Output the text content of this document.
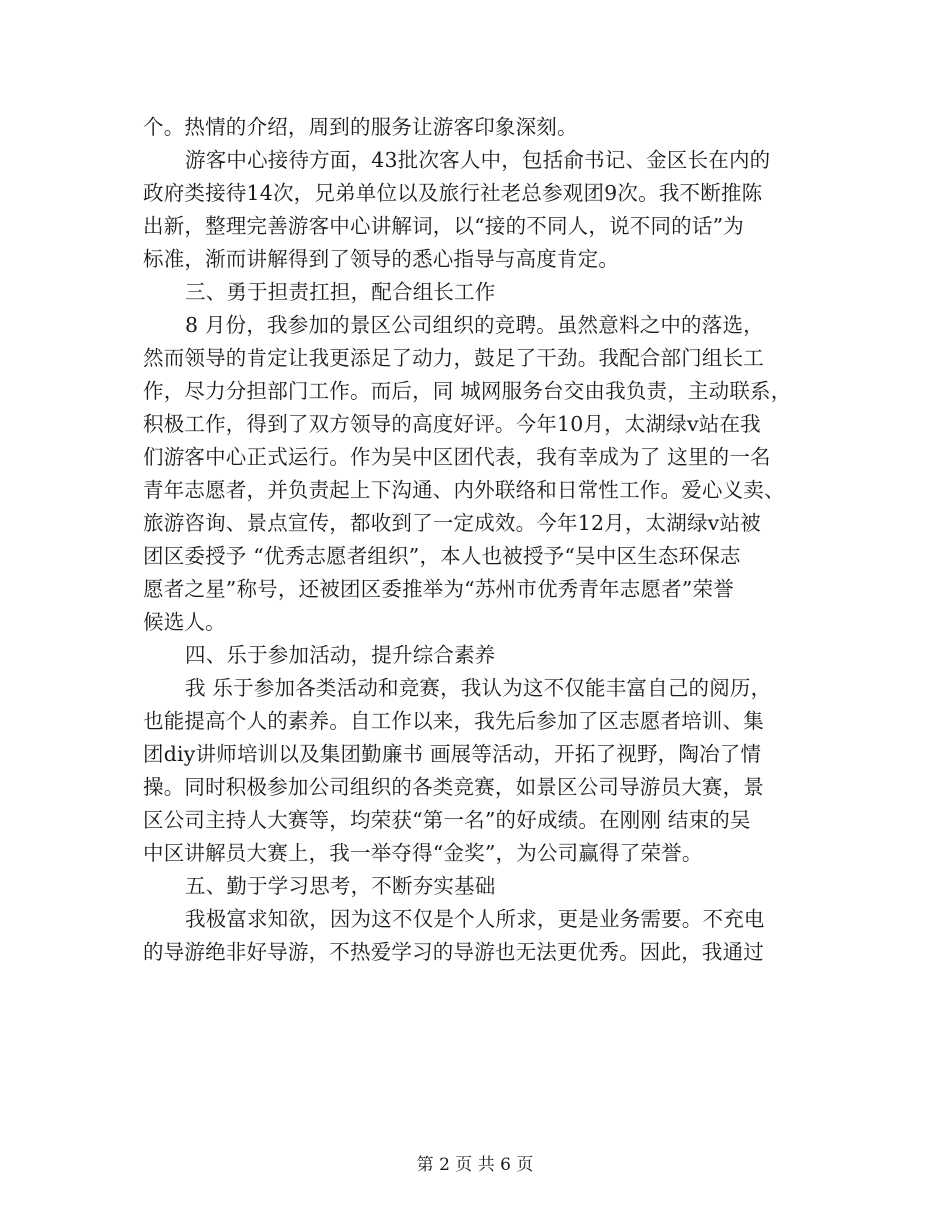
个。热情的介绍，周到的服务让游客印象深刻。
游客中心接待方面，43批次客人中，包括俞书记、金区长在内的
政府类接待14次，兄弟单位以及旅行社老总参观团9次。我不断推陈
出新，整理完善游客中心讲解词，以“接的不同人，说不同的话”为
标准，渐而讲解得到了领导的悉心指导与高度肯定。
三、勇于担责扛担，配合组长工作
8 月份，我参加的景区公司组织的竞聘。虽然意料之中的落选，
然而领导的肯定让我更添足了动力，鼓足了干劲。我配合部门组长工
作，尽力分担部门工作。而后，同 城网服务台交由我负责，主动联系，
积极工作，得到了双方领导的高度好评。今年10月，太湖绿v站在我
们游客中心正式运行。作为吴中区团代表，我有幸成为了 这里的一名
青年志愿者，并负责起上下沟通、内外联络和日常性工作。爱心义卖、
旅游咨询、景点宣传，都收到了一定成效。今年12月，太湖绿v站被
团区委授予 “优秀志愿者组织”，本人也被授予“吴中区生态环保志
愿者之星”称号，还被团区委推举为“苏州市优秀青年志愿者”荣誉
候选人。
四、乐于参加活动，提升综合素养
我 乐于参加各类活动和竞赛，我认为这不仅能丰富自己的阅历，
也能提高个人的素养。自工作以来，我先后参加了区志愿者培训、集
团diy讲师培训以及集团勤廉书 画展等活动，开拓了视野，陶冶了情
操。同时积极参加公司组织的各类竞赛，如景区公司导游员大赛，景
区公司主持人大赛等，均荣获“第一名”的好成绩。在刚刚 结束的吴
中区讲解员大赛上，我一举夺得“金奖”，为公司赢得了荣誉。
五、勤于学习思考，不断夯实基础
我极富求知欲，因为这不仅是个人所求，更是业务需要。不充电
的导游绝非好导游，不热爱学习的导游也无法更优秀。因此，我通过
第 2 页 共 6 页
